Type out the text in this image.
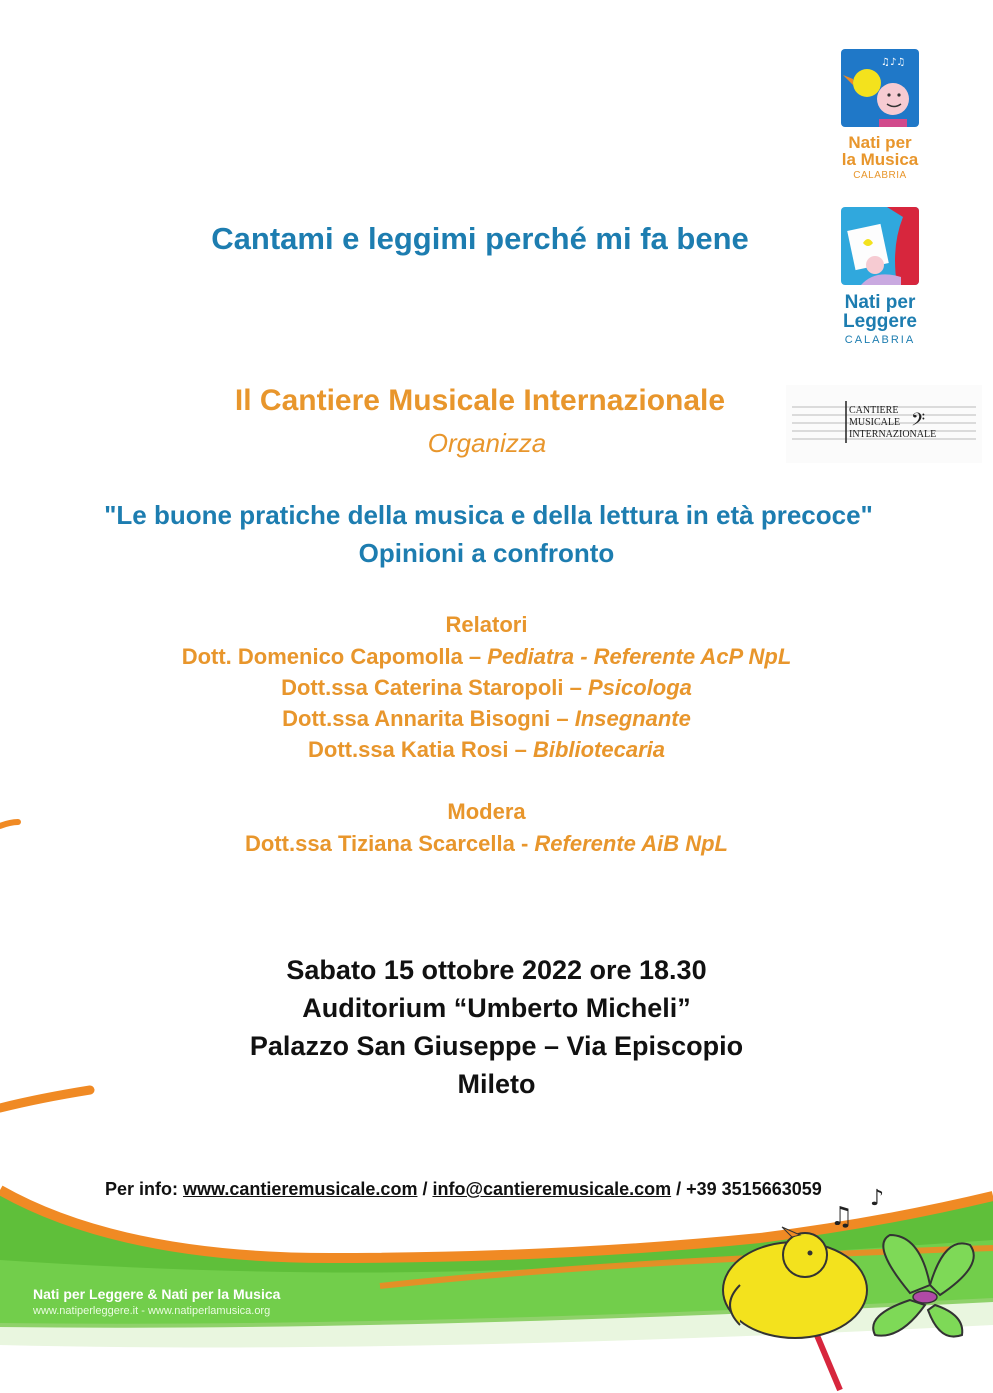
♫♪♫
Nati per
la Musica
CALABRIA
Nati per
Leggere
CALABRIA
𝄢
CANTIERE
MUSICALE
INTERNAZIONALE
Cantami e leggimi perché mi fa bene
Il Cantiere Musicale Internazionale
Organizza
"Le buone pratiche della musica e della lettura in età precoce"
Opinioni a confronto
Relatori
Dott. Domenico Capomolla – Pediatra - Referente AcP NpL
Dott.ssa Caterina Staropoli – Psicologa
Dott.ssa Annarita Bisogni – Insegnante
Dott.ssa Katia Rosi – Bibliotecaria
Modera
Dott.ssa Tiziana Scarcella - Referente AiB NpL
Sabato 15 ottobre 2022 ore 18.30
Auditorium “Umberto Micheli”
Palazzo San Giuseppe – Via Episcopio
Mileto
♫
♪
Per info: www.cantieremusicale.com / info@cantieremusicale.com / +39 3515663059
Nati per Leggere & Nati per la Musica
www.natiperleggere.it - www.natiperlamusica.org
